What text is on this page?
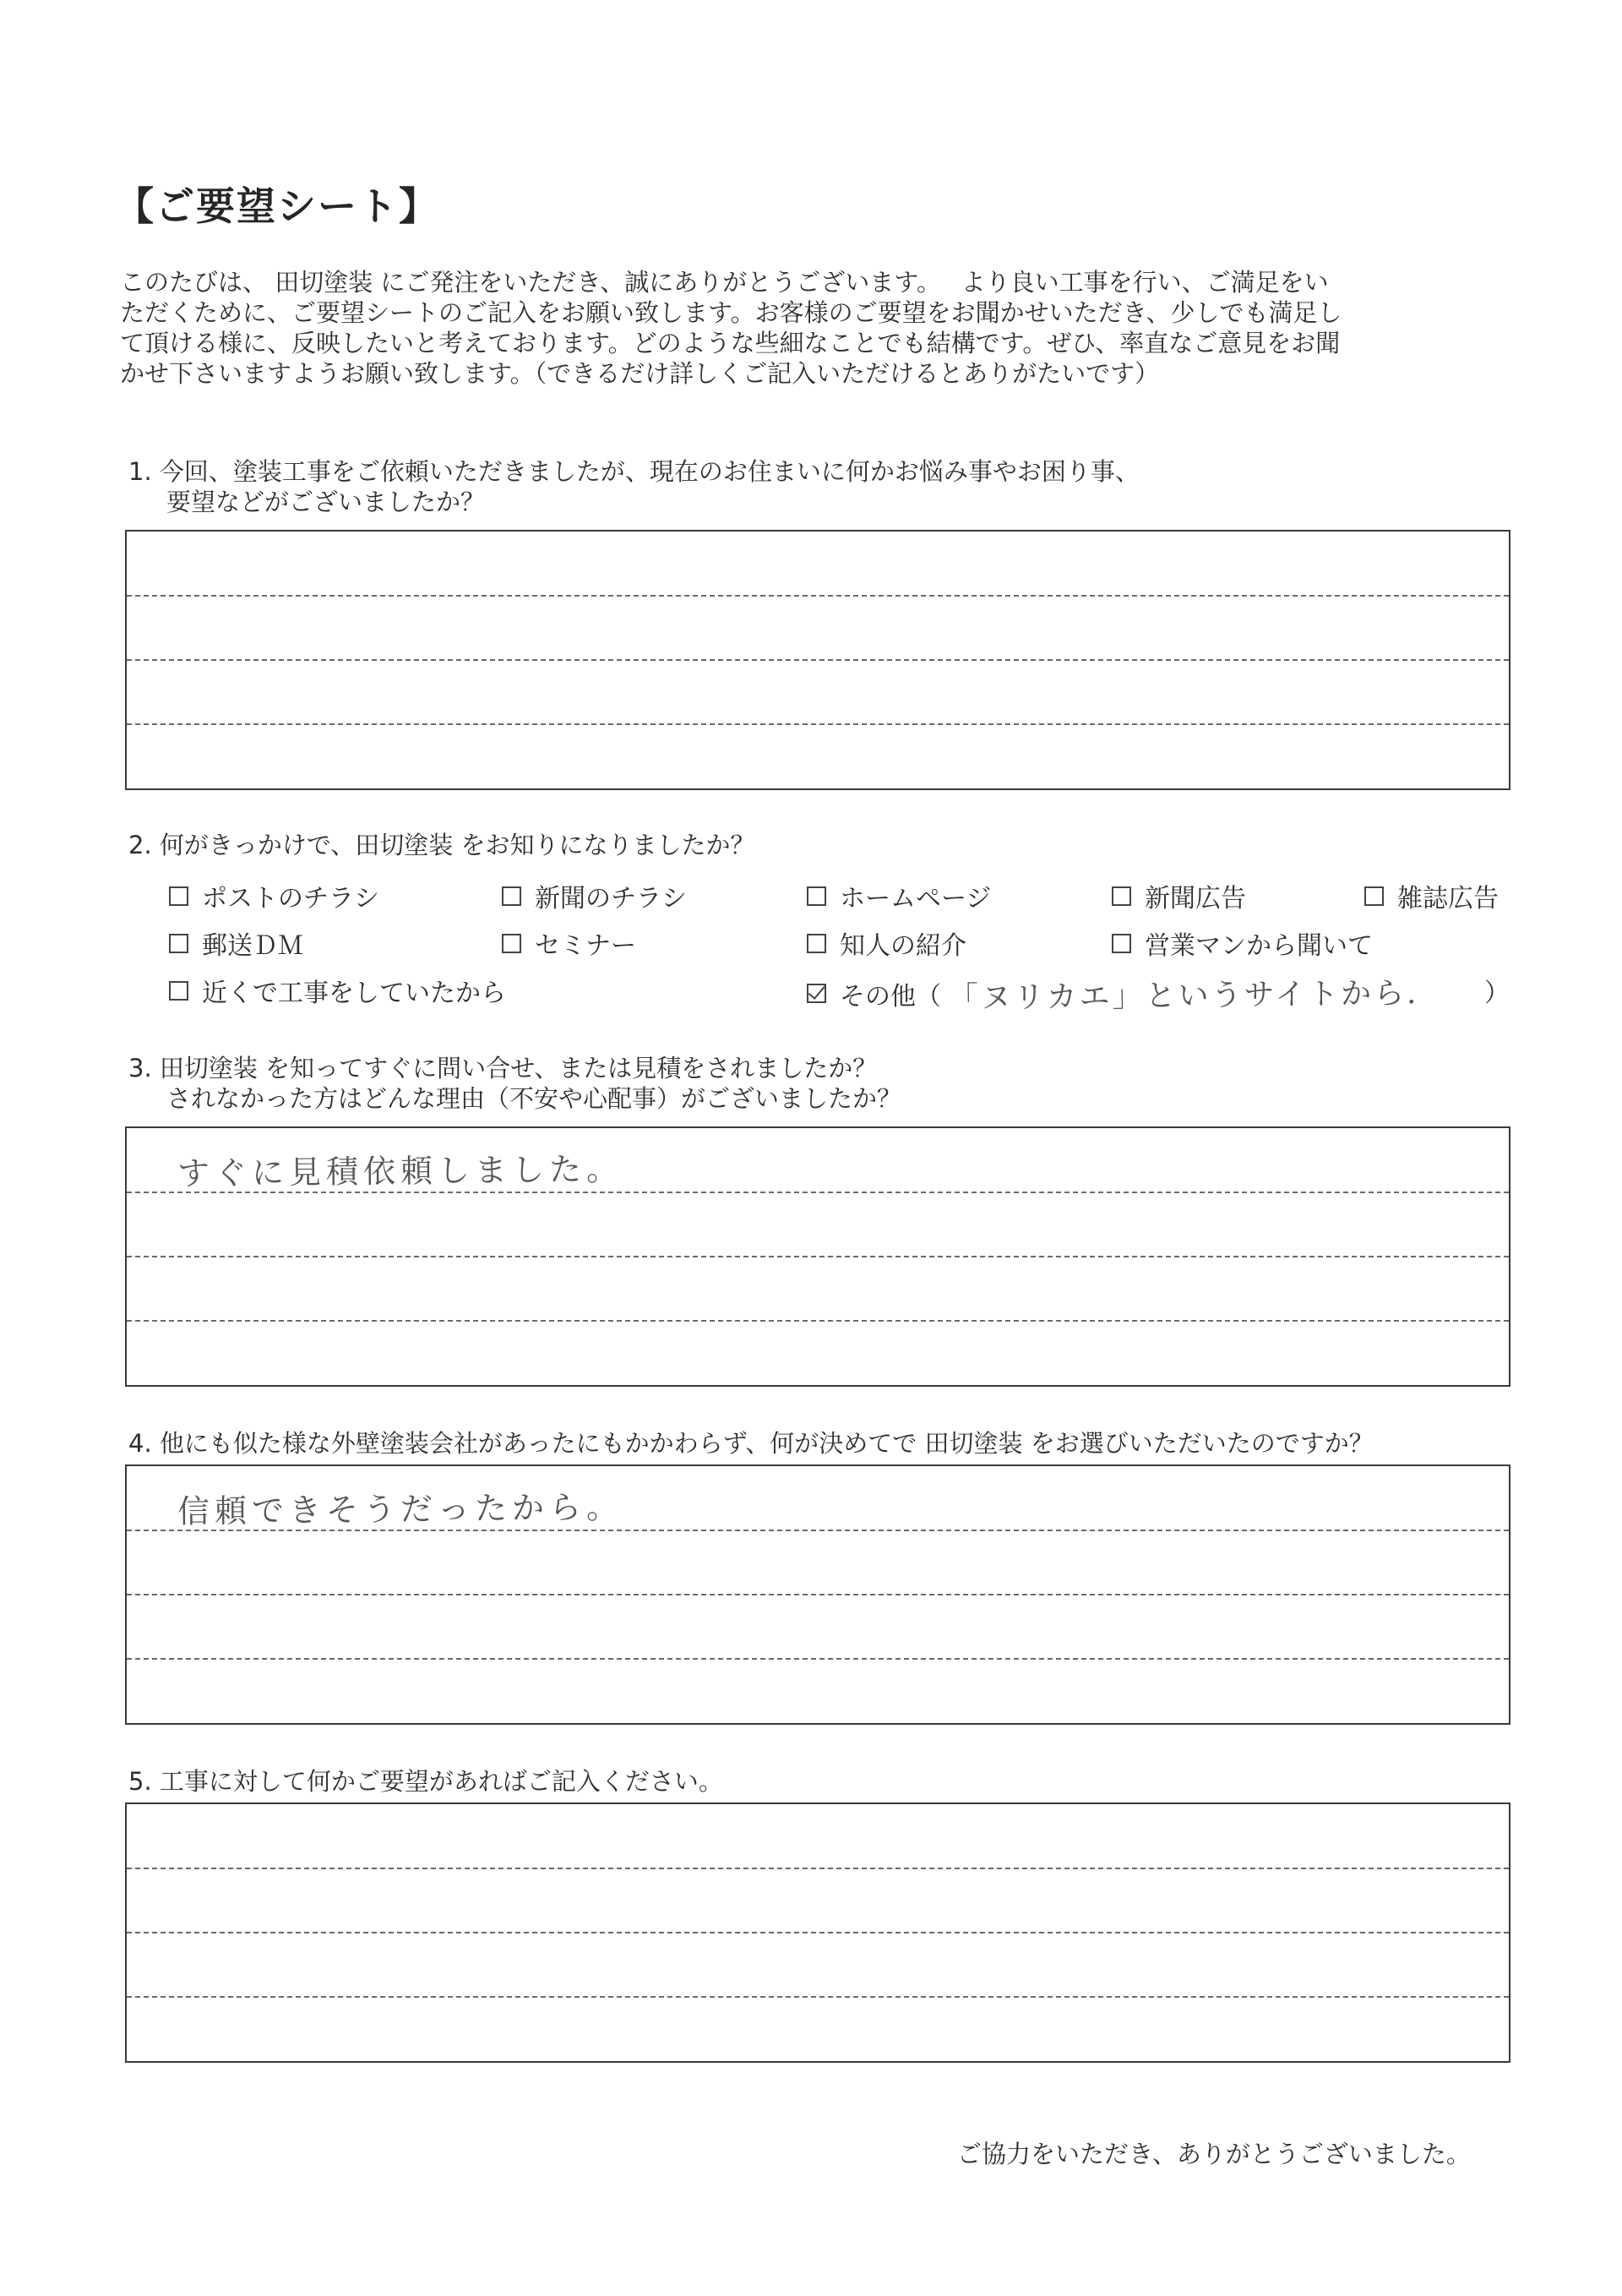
【ご要望シート】
このたびは、 田切塗装 にご発注をいただき、誠にありがとうございます。　 より良い工事を行い、ご満足をい
ただくために、ご要望シートのご記入をお願い致します。お客様のご要望をお聞かせいただき、少しでも満足し
て頂ける様に、反映したいと考えております。どのような些細なことでも結構です。ぜひ、率直なご意見をお聞
かせ下さいますようお願い致します。（できるだけ詳しくご記入いただけるとありがたいです）
1. 今回、塗装工事をご依頼いただきましたが、現在のお住まいに何かお悩み事やお困り事、
要望などがございましたか？
2. 何がきっかけで、田切塗装 をお知りになりましたか？
ポストのチラシ	新聞のチラシ	ホームページ	新聞広告	雑誌広告
郵送ＤＭ	セミナー	知人の紹介	営業マンから聞いて
近くで工事をしていたから	その他（ 「ヌリカエ」というサイトから． ）
3. 田切塗装 を知ってすぐに問い合せ、または見積をされましたか？
されなかった方はどんな理由（不安や心配事）がございましたか？
すぐに見積依頼しました。
4. 他にも似た様な外壁塗装会社があったにもかかわらず、何が決めてで 田切塗装 をお選びいただいたのですか？
信頼できそうだったから。
5. 工事に対して何かご要望があればご記入ください。
ご協力をいただき、ありがとうございました。
